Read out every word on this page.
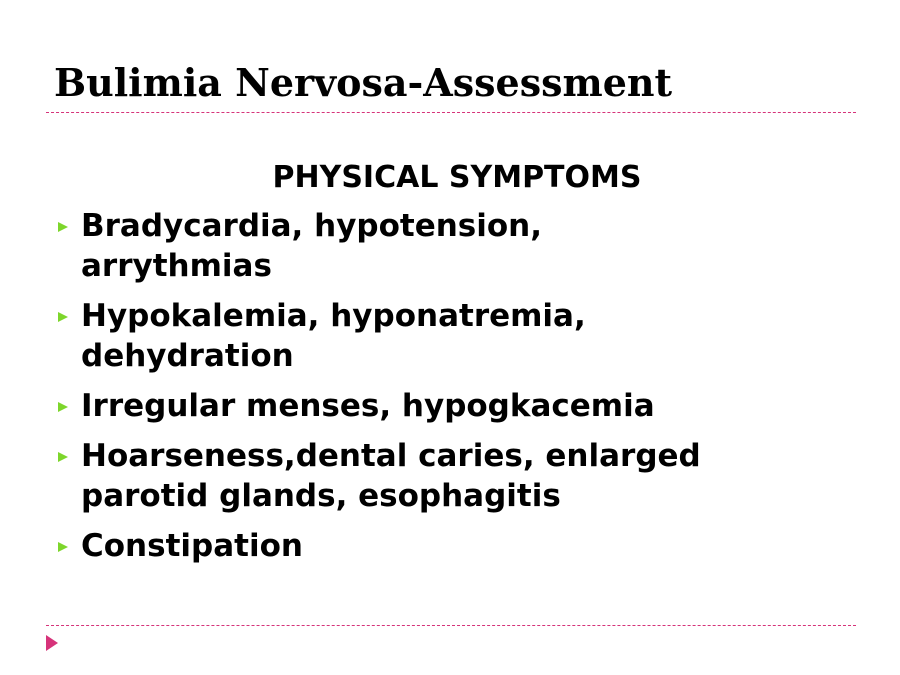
Bulimia Nervosa-Assessment
PHYSICAL SYMPTOMS
Bradycardia, hypotension, arrythmias
Hypokalemia, hyponatremia, dehydration
Irregular menses, hypogkacemia
Hoarseness,dental caries, enlarged parotid glands, esophagitis
Constipation
